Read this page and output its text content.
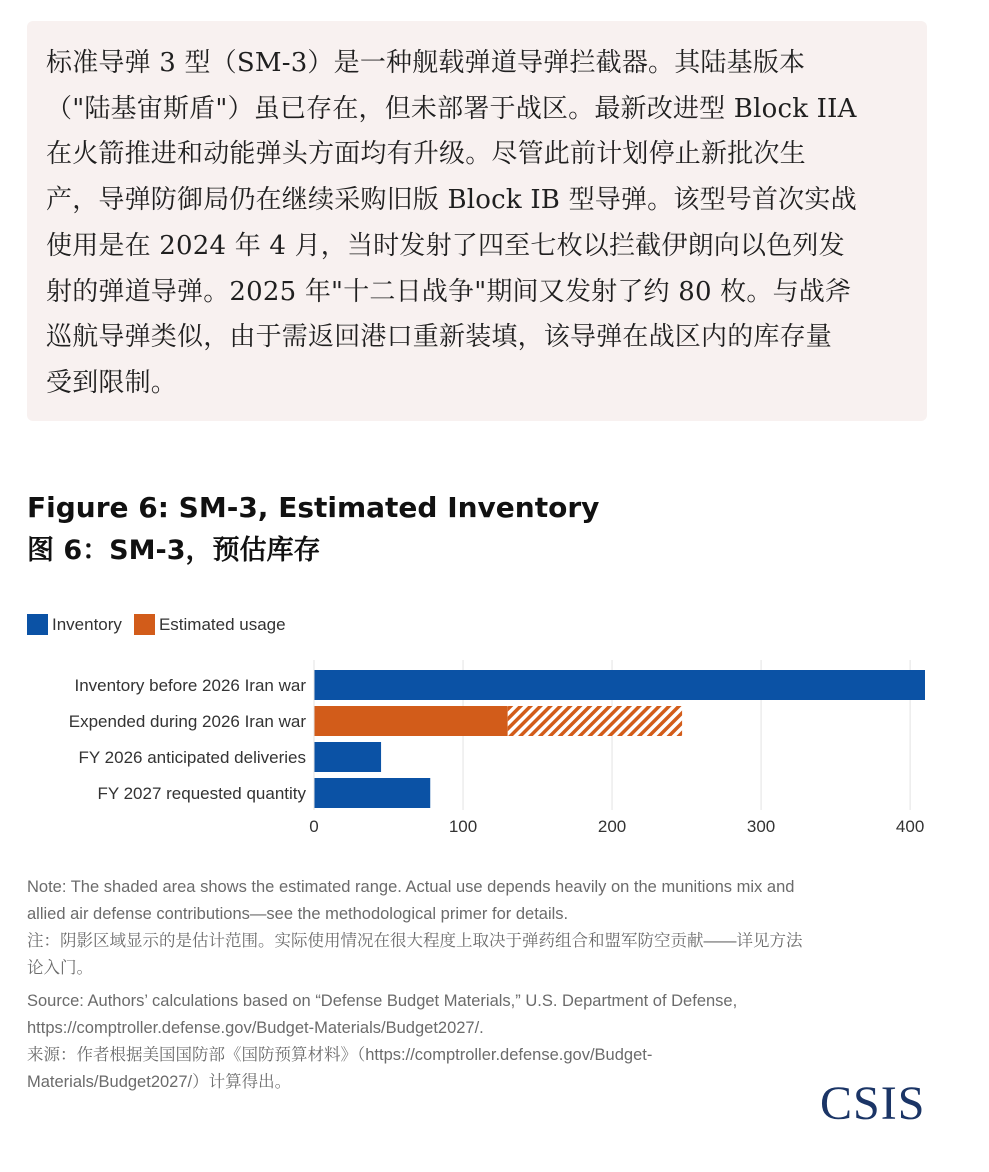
标准导弹 3 型（SM-3）是一种舰载弹道导弹拦截器。其陆基版本

（"陆基宙斯盾"）虽已存在，但未部署于战区。最新改进型 Block IIA

在火箭推进和动能弹头方面均有升级。尽管此前计划停止新批次生

产，导弹防御局仍在继续采购旧版 Block IB 型导弹。该型号首次实战

使用是在 2024 年 4 月，当时发射了四至七枚以拦截伊朗向以色列发

射的弹道导弹。2025 年"十二日战争"期间又发射了约 80 枚。与战斧

巡航导弹类似，由于需返回港口重新装填，该导弹在战区内的库存量

受到限制。

Figure 6: SM-3, Estimated Inventory
图 6：SM-3，预估库存
Inventory Estimated usage
Inventory before 2026 Iran war
Expended during 2026 Iran war
FY 2026 anticipated deliveries
FY 2027 requested quantity
0	100	200	300	400

Note: The shaded area shows the estimated range. Actual use depends heavily on the munitions mix and allied air defense contributions—see the methodological primer for details.

注：阴影区域显示的是估计范围。实际使用情况在很大程度上取决于弹药组合和盟军防空贡献——详见方法论入门。

Source: Authors’ calculations based on “Defense Budget Materials,” U.S. Department of Defense, https://comptroller.defense.gov/Budget-Materials/Budget2027/.

来源：作者根据美国国防部《国防预算材料》（https://comptroller.defense.gov/Budget-Materials/Budget2027/）计算得出。	CSIS
